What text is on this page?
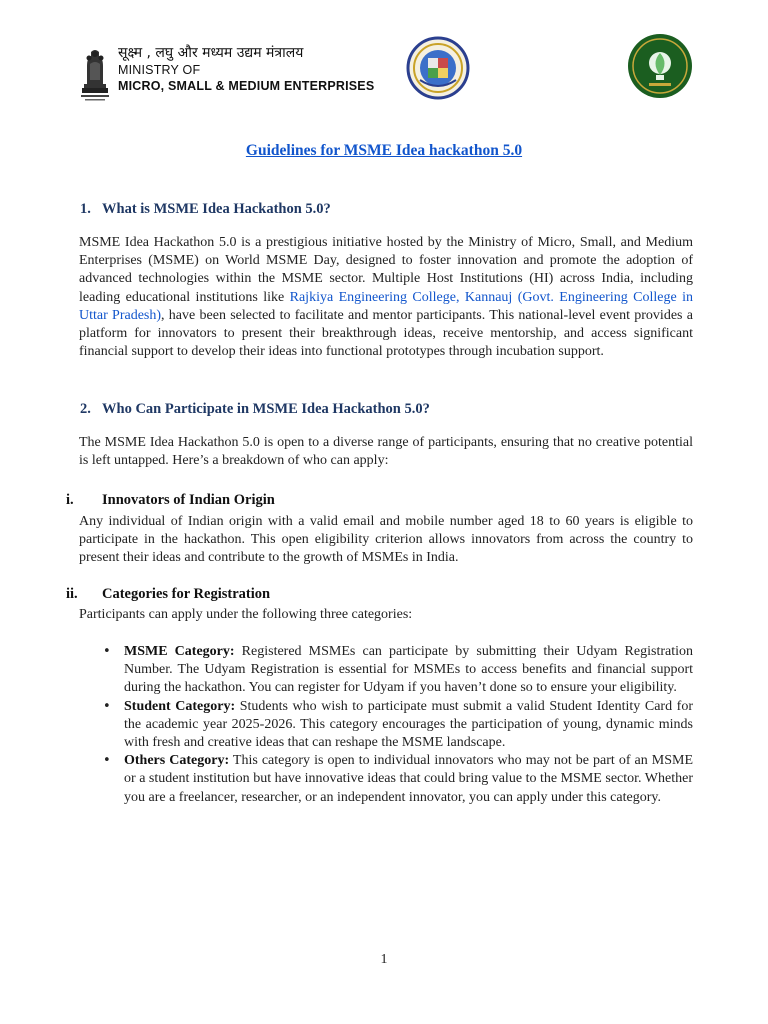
सूक्ष्म , लघु और मध्यम उद्यम मंत्रालय
MINISTRY OF
MICRO, SMALL & MEDIUM ENTERPRISES
Guidelines for MSME Idea hackathon 5.0
1. What is MSME Idea Hackathon 5.0?
MSME Idea Hackathon 5.0 is a prestigious initiative hosted by the Ministry of Micro, Small, and Medium Enterprises (MSME) on World MSME Day, designed to foster innovation and promote the adoption of advanced technologies within the MSME sector. Multiple Host Institutions (HI) across India, including leading educational institutions like Rajkiya Engineering College, Kannauj (Govt. Engineering College in Uttar Pradesh), have been selected to facilitate and mentor participants. This national-level event provides a platform for innovators to present their breakthrough ideas, receive mentorship, and access significant financial support to develop their ideas into functional prototypes through incubation support.
2. Who Can Participate in MSME Idea Hackathon 5.0?
The MSME Idea Hackathon 5.0 is open to a diverse range of participants, ensuring that no creative potential is left untapped. Here’s a breakdown of who can apply:
i.	Innovators of Indian Origin
Any individual of Indian origin with a valid email and mobile number aged 18 to 60 years is eligible to participate in the hackathon. This open eligibility criterion allows innovators from across the country to present their ideas and contribute to the growth of MSMEs in India.
ii.	Categories for Registration
Participants can apply under the following three categories:
• MSME Category: Registered MSMEs can participate by submitting their Udyam Registration Number. The Udyam Registration is essential for MSMEs to access benefits and financial support during the hackathon. You can register for Udyam if you haven’t done so to ensure your eligibility.
• Student Category: Students who wish to participate must submit a valid Student Identity Card for the academic year 2025-2026. This category encourages the participation of young, dynamic minds with fresh and creative ideas that can reshape the MSME landscape.
• Others Category: This category is open to individual innovators who may not be part of an MSME or a student institution but have innovative ideas that could bring value to the MSME sector. Whether you are a freelancer, researcher, or an independent innovator, you can apply under this category.
1
